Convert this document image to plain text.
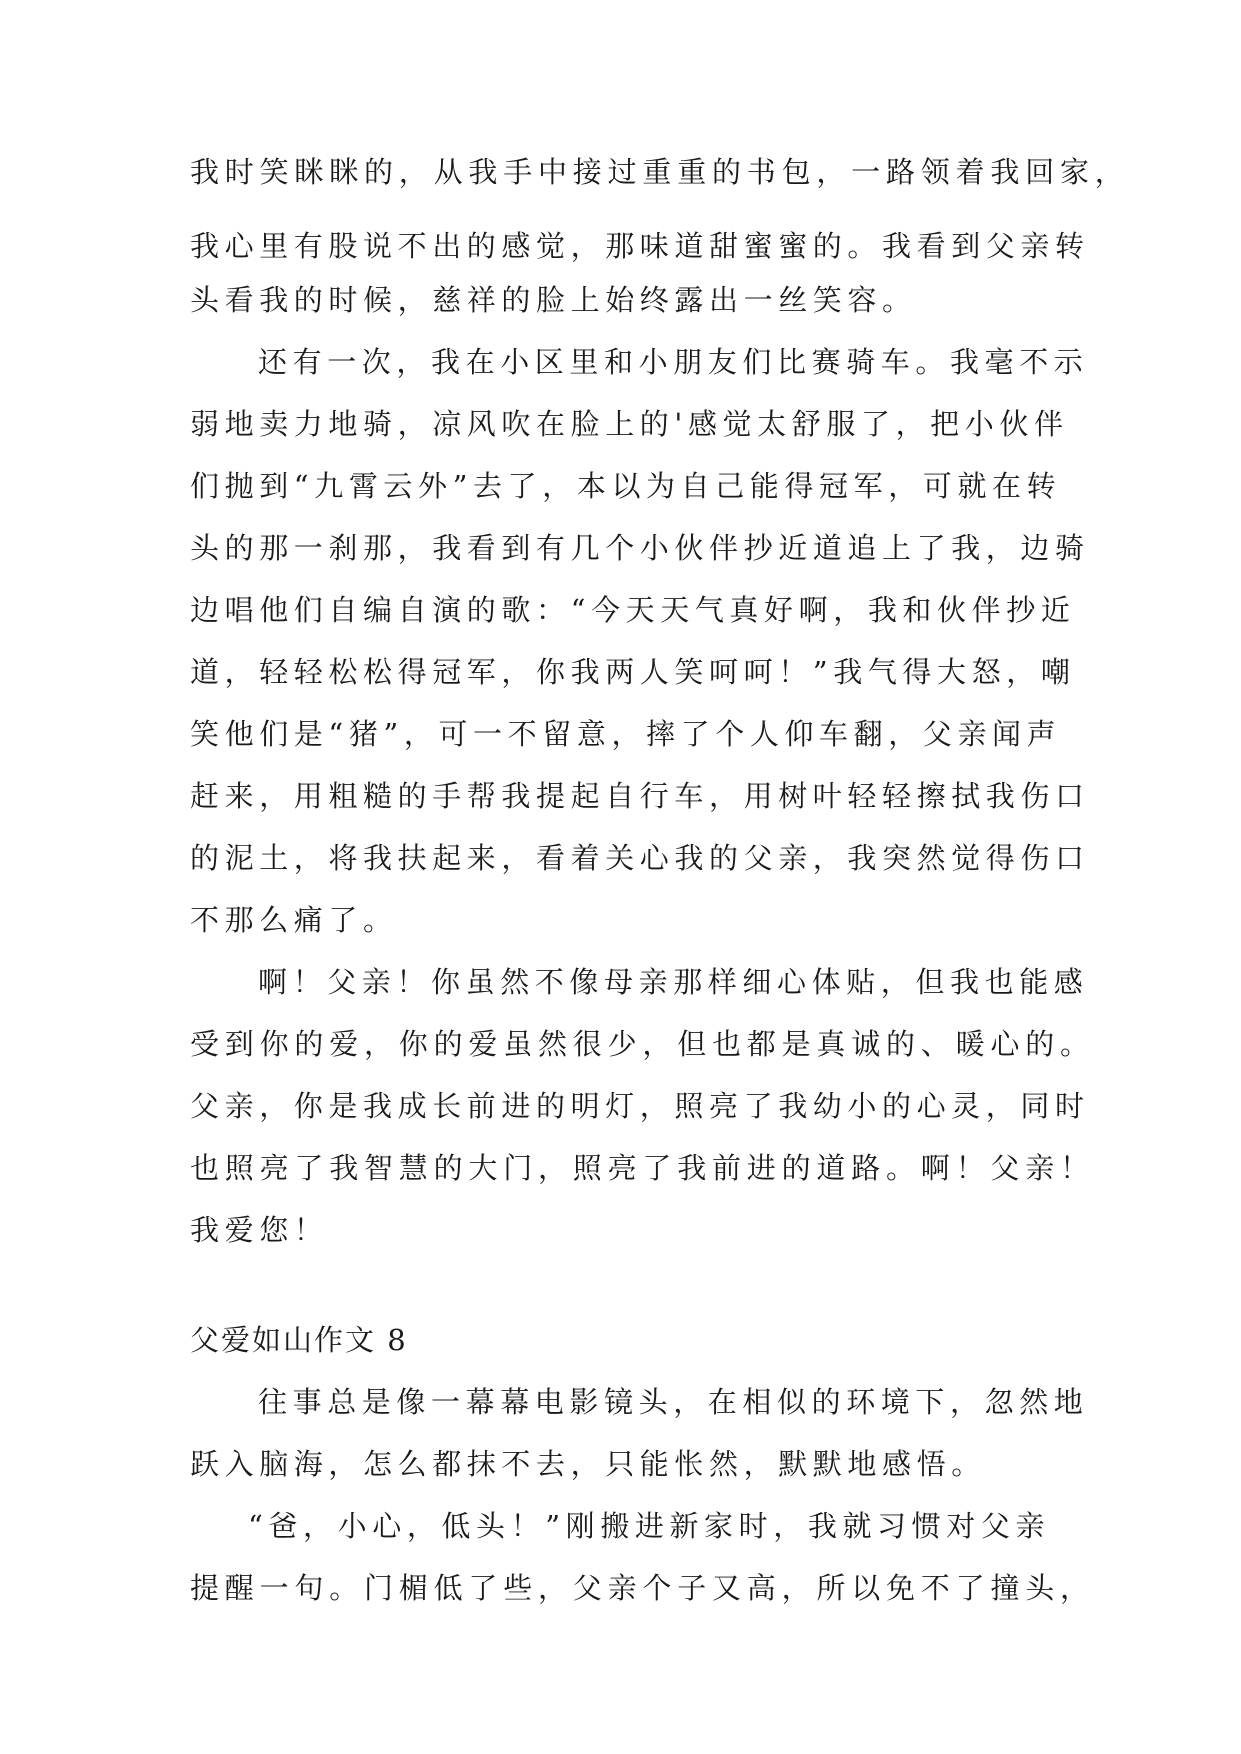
我时笑眯眯的，从我手中接过重重的书包，一路领着我回家，
我心里有股说不出的感觉，那味道甜蜜蜜的。我看到父亲转
头看我的时候，慈祥的脸上始终露出一丝笑容。
还有一次，我在小区里和小朋友们比赛骑车。我毫不示
弱地卖力地骑，凉风吹在脸上的'感觉太舒服了，把小伙伴
们抛到“九霄云外”去了，本以为自己能得冠军，可就在转
头的那一刹那，我看到有几个小伙伴抄近道追上了我，边骑
边唱他们自编自演的歌：“今天天气真好啊，我和伙伴抄近
道，轻轻松松得冠军，你我两人笑呵呵！”我气得大怒，嘲
笑他们是“猪”，可一不留意，摔了个人仰车翻，父亲闻声
赶来，用粗糙的手帮我提起自行车，用树叶轻轻擦拭我伤口
的泥土，将我扶起来，看着关心我的父亲，我突然觉得伤口
不那么痛了。
啊！父亲！你虽然不像母亲那样细心体贴，但我也能感
受到你的爱，你的爱虽然很少，但也都是真诚的、暖心的。
父亲，你是我成长前进的明灯，照亮了我幼小的心灵，同时
也照亮了我智慧的大门，照亮了我前进的道路。啊！父亲！
我爱您！
父爱如山作文 8
往事总是像一幕幕电影镜头，在相似的环境下，忽然地
跃入脑海，怎么都抹不去，只能怅然，默默地感悟。
“爸，小心，低头！”刚搬进新家时，我就习惯对父亲
提醒一句。门楣低了些，父亲个子又高，所以免不了撞头，
